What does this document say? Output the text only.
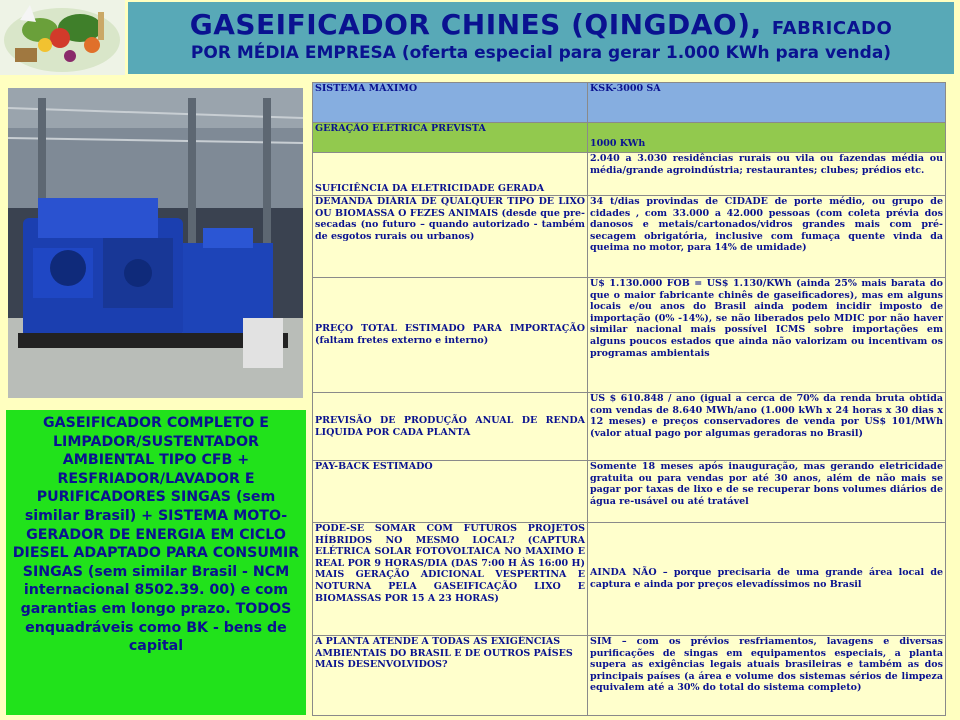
GASEIFICADOR CHINES (QINGDAO), FABRICADO
POR MÉDIA EMPRESA (oferta especial para gerar 1.000 KWh para venda)
GASEIFICADOR COMPLETO E LIMPADOR/SUSTENTADOR AMBIENTAL TIPO CFB + RESFRIADOR/LAVADOR E PURIFICADORES SINGAS (sem similar Brasil) + SISTEMA MOTO-GERADOR DE ENERGIA EM CICLO DIESEL ADAPTADO PARA CONSUMIR SINGAS (sem similar Brasil - NCM internacional 8502.39. 00) e com garantias em longo prazo. TODOS enquadráveis como BK - bens de capital
SISTEMA MÁXIMO	KSK-3000 SA
GERAÇÃO ELETRICA PREVISTA	1000 KWh
SUFICIÊNCIA DA ELETRICIDADE GERADA	2.040 a 3.030 residências rurais ou vila ou fazendas média ou média/grande agroindústria; restaurantes; clubes; prédios etc.
DEMANDA DIÁRIA DE QUALQUER TIPO DE LIXO OU BIOMASSA O FEZES ANIMAIS (desde que pre-secadas (no futuro – quando autorizado - também de esgotos rurais ou urbanos)	34 t/dias provindas de CIDADE de porte médio, ou grupo de cidades , com 33.000 a 42.000 pessoas (com coleta prévia dos danosos e metais/cartonados/vidros grandes mais com pré-secagem obrigatória, inclusive com fumaça quente vinda da queima no motor, para 14% de umidade)
PREÇO TOTAL ESTIMADO PARA IMPORTAÇÃO (faltam fretes externo e interno)	U$ 1.130.000 FOB = US$ 1.130/KWh (ainda 25% mais barata do que o maior fabricante chinês de gaseificadores), mas em alguns locais e/ou anos do Brasil ainda podem incidir imposto de importação (0% -14%), se não liberados pelo MDIC por não haver similar nacional mais possível ICMS sobre importações em alguns poucos estados que ainda não valorizam ou incentivam os programas ambientais
PREVISÃO DE PRODUÇÃO ANUAL DE RENDA LIQUIDA POR CADA PLANTA	US $ 610.848 / ano (igual a cerca de 70% da renda bruta obtida com vendas de 8.640 MWh/ano (1.000 kWh x 24 horas x 30 dias x 12 meses) e preços conservadores de venda por US$ 101/MWh (valor atual pago por algumas geradoras no Brasil)
PAY-BACK ESTIMADO	Somente 18 meses após inauguração, mas gerando eletricidade gratuita ou para vendas por até 30 anos, além de não mais se pagar por taxas de lixo e de se recuperar bons volumes diários de água re-usável ou até tratável
PODE-SE SOMAR COM FUTUROS PROJETOS HÍBRIDOS NO MESMO LOCAL? (CAPTURA ELÉTRICA SOLAR FOTOVOLTAICA NO MAXIMO E REAL POR 9 HORAS/DIA (DAS 7:00 H ÀS 16:00 H) MAIS GERAÇÃO ADICIONAL VESPERTINA E NOTURNA PELA GASEIFICAÇÃO LIXO E BIOMASSAS POR 15 A 23 HORAS)	AINDA NÃO – porque precisaria de uma grande área local de captura e ainda por preços elevadíssimos no Brasil
A PLANTA ATENDE A TODAS AS EXIGÊNCIAS AMBIENTAIS DO BRASIL E DE OUTROS PAÍSES MAIS DESENVOLVIDOS?	SIM – com os prévios resfriamentos, lavagens e diversas purificações de singas em equipamentos especiais, a planta supera as exigências legais atuais brasileiras e também as dos principais países (a área e volume dos sistemas sérios de limpeza equivalem até a 30% do total do sistema completo)
